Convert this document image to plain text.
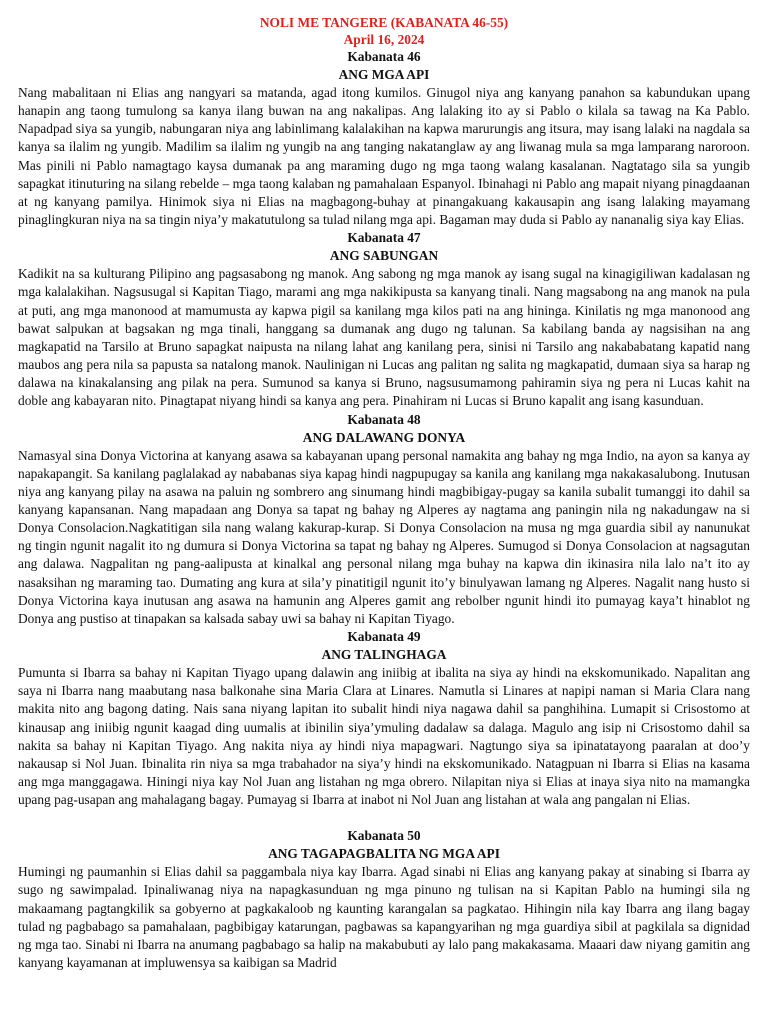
NOLI ME TANGERE (KABANATA 46-55)

April 16, 2024

Kabanata 46

ANG MGA API

Nang mabalitaan ni Elias ang nangyari sa matanda, agad itong kumilos. Ginugol niya ang kanyang panahon sa kabundukan upang hanapin ang taong tumulong sa kanya ilang buwan na ang nakalipas. Ang lalaking ito ay si Pablo o kilala sa tawag na Ka Pablo. Napadpad siya sa yungib, nabungaran niya ang labinlimang kalalakihan na kapwa marurungis ang itsura, may isang lalaki na nagdala sa kanya sa ilalim ng yungib. Madilim sa ilalim ng yungib na ang tanging nakatanglaw ay ang liwanag mula sa mga lamparang naroroon. Mas pinili ni Pablo namagtago kaysa dumanak pa ang maraming dugo ng mga taong walang kasalanan. Nagtatago sila sa yungib sapagkat itinuturing na silang rebelde – mga taong kalaban ng pamahalaan Espanyol. Ibinahagi ni Pablo ang mapait niyang pinagdaanan at ng kanyang pamilya. Hinimok siya ni Elias na magbagong-buhay at pinangakuang kakausapin ang isang lalaking mayamang pinaglingkuran niya na sa tingin niya’y makatutulong sa tulad nilang mga api. Bagaman may duda si Pablo ay nananalig siya kay Elias.

Kabanata 47

ANG SABUNGAN

Kadikit na sa kulturang Pilipino ang pagsasabong ng manok. Ang sabong ng mga manok ay isang sugal na kinagigiliwan kadalasan ng mga kalalakihan. Nagsusugal si Kapitan Tiago, marami ang mga nakikipusta sa kanyang tinali. Nang magsabong na ang manok na pula at puti, ang mga manonood at mamumusta ay kapwa pigil sa kanilang mga kilos pati na ang hininga. Kinilatis ng mga manonood ang bawat salpukan at bagsakan ng mga tinali, hanggang sa dumanak ang dugo ng talunan. Sa kabilang banda ay nagsisihan na ang magkapatid na Tarsilo at Bruno sapagkat naipusta na nilang lahat ang kanilang pera, sinisi ni Tarsilo ang nakababatang kapatid nang maubos ang pera nila sa papusta sa natalong manok. Naulinigan ni Lucas ang palitan ng salita ng magkapatid, dumaan siya sa harap ng dalawa na kinakalansing ang pilak na pera. Sumunod sa kanya si Bruno, nagsusumamong pahiramin siya ng pera ni Lucas kahit na doble ang kabayaran nito. Pinagtapat niyang hindi sa kanya ang pera. Pinahiram ni Lucas si Bruno kapalit ang isang kasunduan.

Kabanata 48

ANG DALAWANG DONYA

Namasyal sina Donya Victorina at kanyang asawa sa kabayanan upang personal namakita ang bahay ng mga Indio, na ayon sa kanya ay napakapangit. Sa kanilang paglalakad ay nababanas siya kapag hindi nagpupugay sa kanila ang kanilang mga nakakasalubong. Inutusan niya ang kanyang pilay na asawa na paluin ng sombrero ang sinumang hindi magbibigay-pugay sa kanila subalit tumanggi ito dahil sa kanyang kapansanan. Nang mapadaan ang Donya sa tapat ng bahay ng Alperes ay nagtama ang paningin nila ng nakadungaw na si Donya Consolacion.Nagkatitigan sila nang walang kakurap-kurap. Si Donya Consolacion na musa ng mga guardia sibil ay nanunukat ng tingin ngunit nagalit ito ng dumura si Donya Victorina sa tapat ng bahay ng Alperes. Sumugod si Donya Consolacion at nagsagutan ang dalawa. Nagpalitan ng pang-aalipusta at kinalkal ang personal nilang mga buhay na kapwa din ikinasira nila lalo na’t ito ay nasaksihan ng maraming tao. Dumating ang kura at sila’y pinatitigil ngunit ito’y binulyawan lamang ng Alperes. Nagalit nang husto si Donya Victorina kaya inutusan ang asawa na hamunin ang Alperes gamit ang rebolber ngunit hindi ito pumayag kaya’t hinablot ng Donya ang pustiso at tinapakan sa kalsada sabay uwi sa bahay ni Kapitan Tiyago.

Kabanata 49

ANG TALINGHAGA

Pumunta si Ibarra sa bahay ni Kapitan Tiyago upang dalawin ang iniibig at ibalita na siya ay hindi na ekskomunikado. Napalitan ang saya ni Ibarra nang maabutang nasa balkonahe sina Maria Clara at Linares. Namutla si Linares at napipi naman si Maria Clara nang makita nito ang bagong dating. Nais sana niyang lapitan ito subalit hindi niya nagawa dahil sa panghihina. Lumapit si Crisostomo at kinausap ang iniibig ngunit kaagad ding uumalis at ibinilin siya’ymuling dadalaw sa dalaga. Magulo ang isip ni Crisostomo dahil sa nakita sa bahay ni Kapitan Tiyago. Ang nakita niya ay hindi niya mapagwari. Nagtungo siya sa ipinatatayong paaralan at doo’y nakausap si Nol Juan. Ibinalita rin niya sa mga trabahador na siya’y hindi na ekskomunikado. Natagpuan ni Ibarra si Elias na kasama ang mga manggagawa. Hiningi niya kay Nol Juan ang listahan ng mga obrero. Nilapitan niya si Elias at inaya siya nito na mamangka upang pag-usapan ang mahalagang bagay. Pumayag si Ibarra at inabot ni Nol Juan ang listahan at wala ang pangalan ni Elias.

Kabanata 50

ANG TAGAPAGBALITA NG MGA API

Humingi ng paumanhin si Elias dahil sa paggambala niya kay Ibarra. Agad sinabi ni Elias ang kanyang pakay at sinabing si Ibarra ay sugo ng sawimpalad. Ipinaliwanag niya na napagkasunduan ng mga pinuno ng tulisan na si Kapitan Pablo na humingi sila ng makaamang pagtangkilik sa gobyerno at pagkakaloob ng kaunting karangalan sa pagkatao. Hihingin nila kay Ibarra ang ilang bagay tulad ng pagbabago sa pamahalaan, pagbibigay katarungan, pagbawas sa kapangyarihan ng mga guardiya sibil at pagkilala sa dignidad ng mga tao. Sinabi ni Ibarra na anumang pagbabago sa halip na makabubuti ay lalo pang makakasama. Maaari daw niyang gamitin ang kanyang kayamanan at impluwensya sa kaibigan sa Madrid
